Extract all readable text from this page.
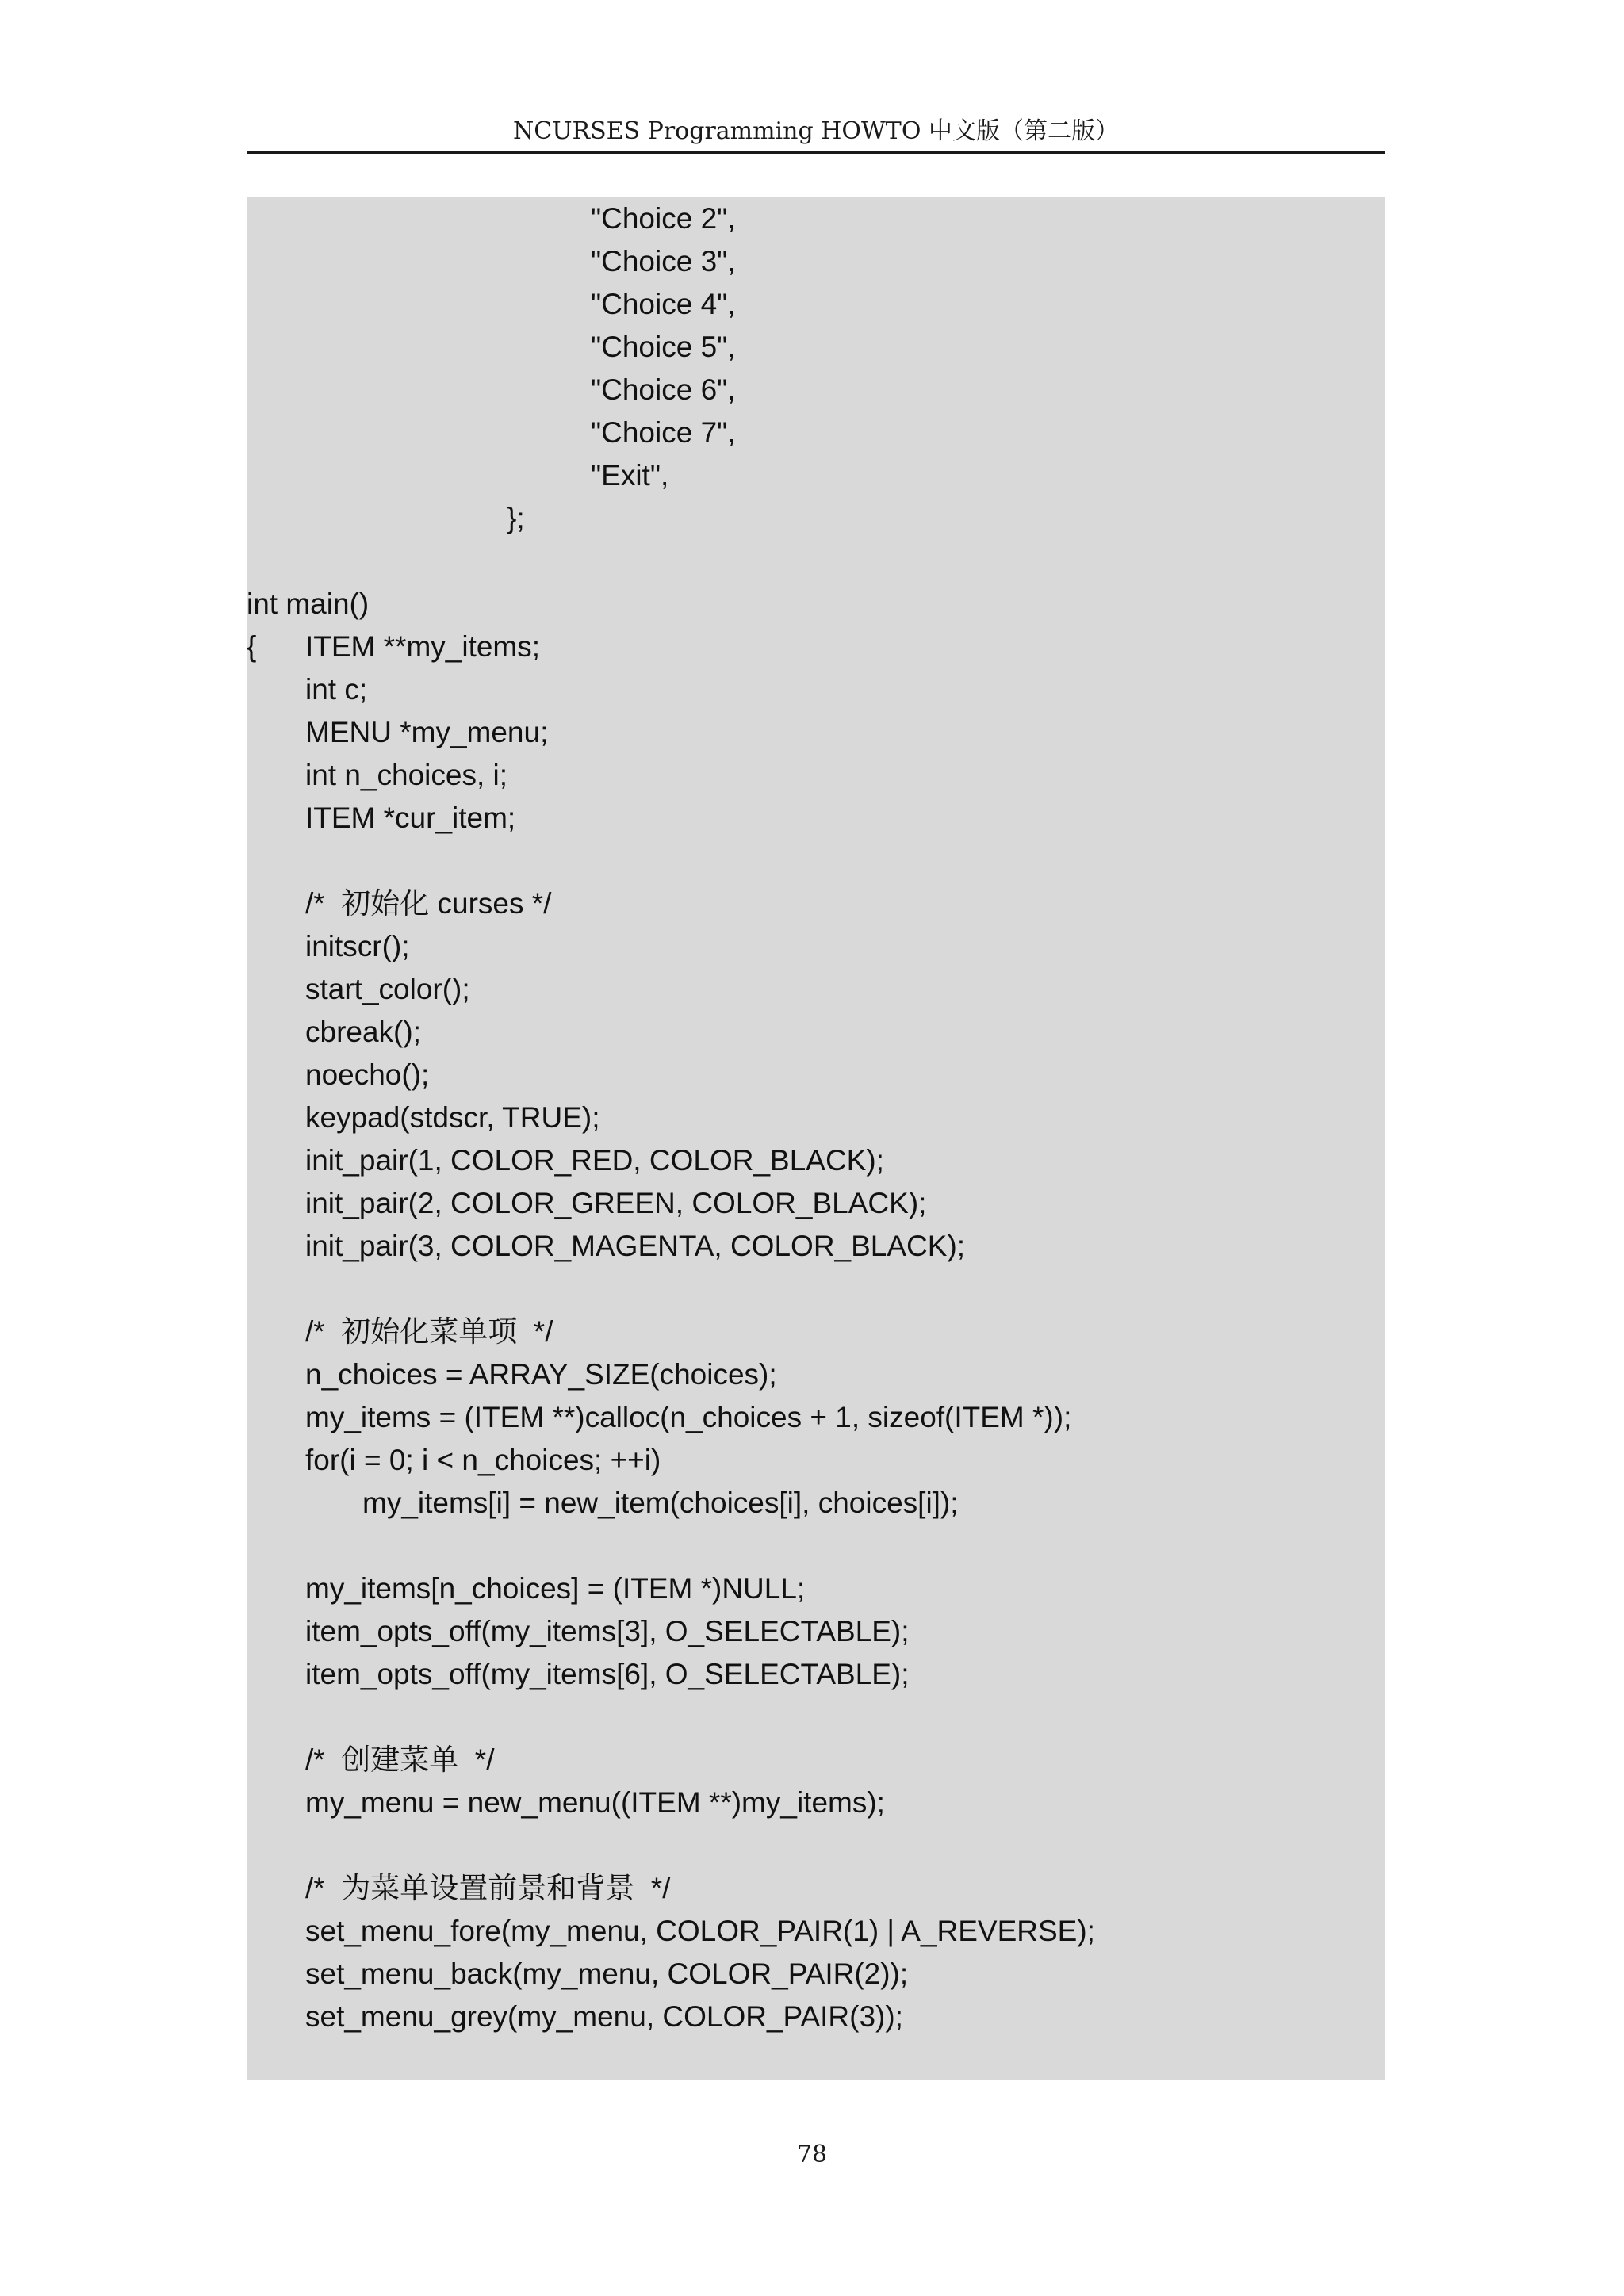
NCURSES Programming HOWTO 中文版（第二版）
"Choice 2",
"Choice 3",
"Choice 4",
"Choice 5",
"Choice 6",
"Choice 7",
"Exit",
};
int main()
{ ITEM **my_items;
int c;
MENU *my_menu;
int n_choices, i;
ITEM *cur_item;
/*  初始化 curses */
initscr();
start_color();
cbreak();
noecho();
keypad(stdscr, TRUE);
init_pair(1, COLOR_RED, COLOR_BLACK);
init_pair(2, COLOR_GREEN, COLOR_BLACK);
init_pair(3, COLOR_MAGENTA, COLOR_BLACK);
/*  初始化菜单项  */
n_choices = ARRAY_SIZE(choices);
my_items = (ITEM **)calloc(n_choices + 1, sizeof(ITEM *));
for(i = 0; i < n_choices; ++i)
my_items[i] = new_item(choices[i], choices[i]);
my_items[n_choices] = (ITEM *)NULL;
item_opts_off(my_items[3], O_SELECTABLE);
item_opts_off(my_items[6], O_SELECTABLE);
/*  创建菜单  */
my_menu = new_menu((ITEM **)my_items);
/*  为菜单设置前景和背景  */
set_menu_fore(my_menu, COLOR_PAIR(1) | A_REVERSE);
set_menu_back(my_menu, COLOR_PAIR(2));
set_menu_grey(my_menu, COLOR_PAIR(3));
78
